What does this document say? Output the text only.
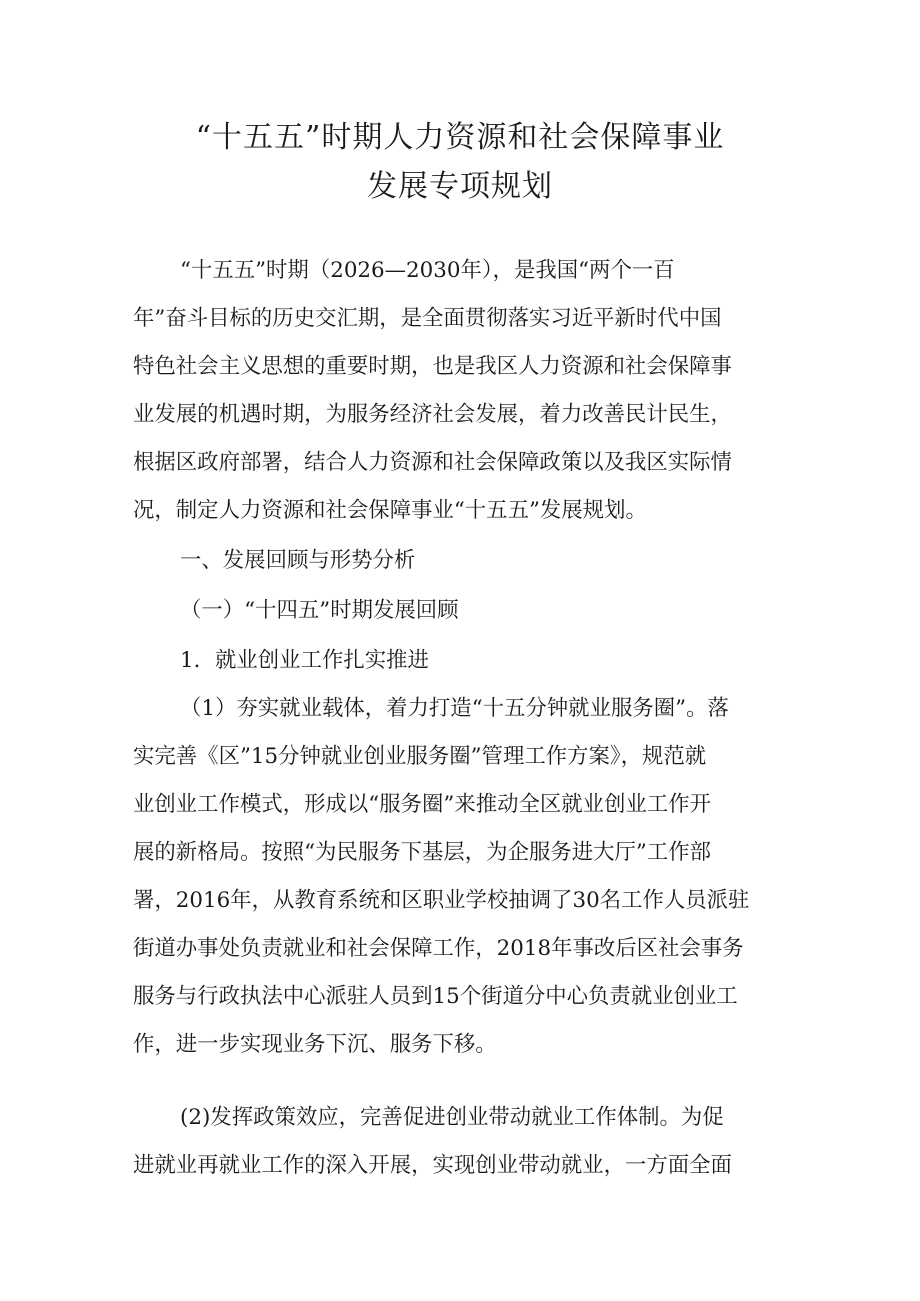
“十五五”时期人力资源和社会保障事业
发展专项规划
“十五五”时期（2026—2030年），是我国“两个一百
年”奋斗目标的历史交汇期，是全面贯彻落实习近平新时代中国
特色社会主义思想的重要时期，也是我区人力资源和社会保障事
业发展的机遇时期，为服务经济社会发展，着力改善民计民生，
根据区政府部署，结合人力资源和社会保障政策以及我区实际情
况，制定人力资源和社会保障事业“十五五”发展规划。
一、发展回顾与形势分析
（一）“十四五”时期发展回顾
1．就业创业工作扎实推进
（1）夯实就业载体，着力打造“十五分钟就业服务圈”。落
实完善《区”15分钟就业创业服务圈”管理工作方案》，规范就
业创业工作模式，形成以“服务圈”来推动全区就业创业工作开
展的新格局。按照“为民服务下基层，为企服务进大厅”工作部
署，2016年，从教育系统和区职业学校抽调了30名工作人员派驻
街道办事处负责就业和社会保障工作，2018年事改后区社会事务
服务与行政执法中心派驻人员到15个街道分中心负责就业创业工
作，进一步实现业务下沉、服务下移。
(2)发挥政策效应，完善促进创业带动就业工作体制。为促
进就业再就业工作的深入开展，实现创业带动就业，一方面全面
